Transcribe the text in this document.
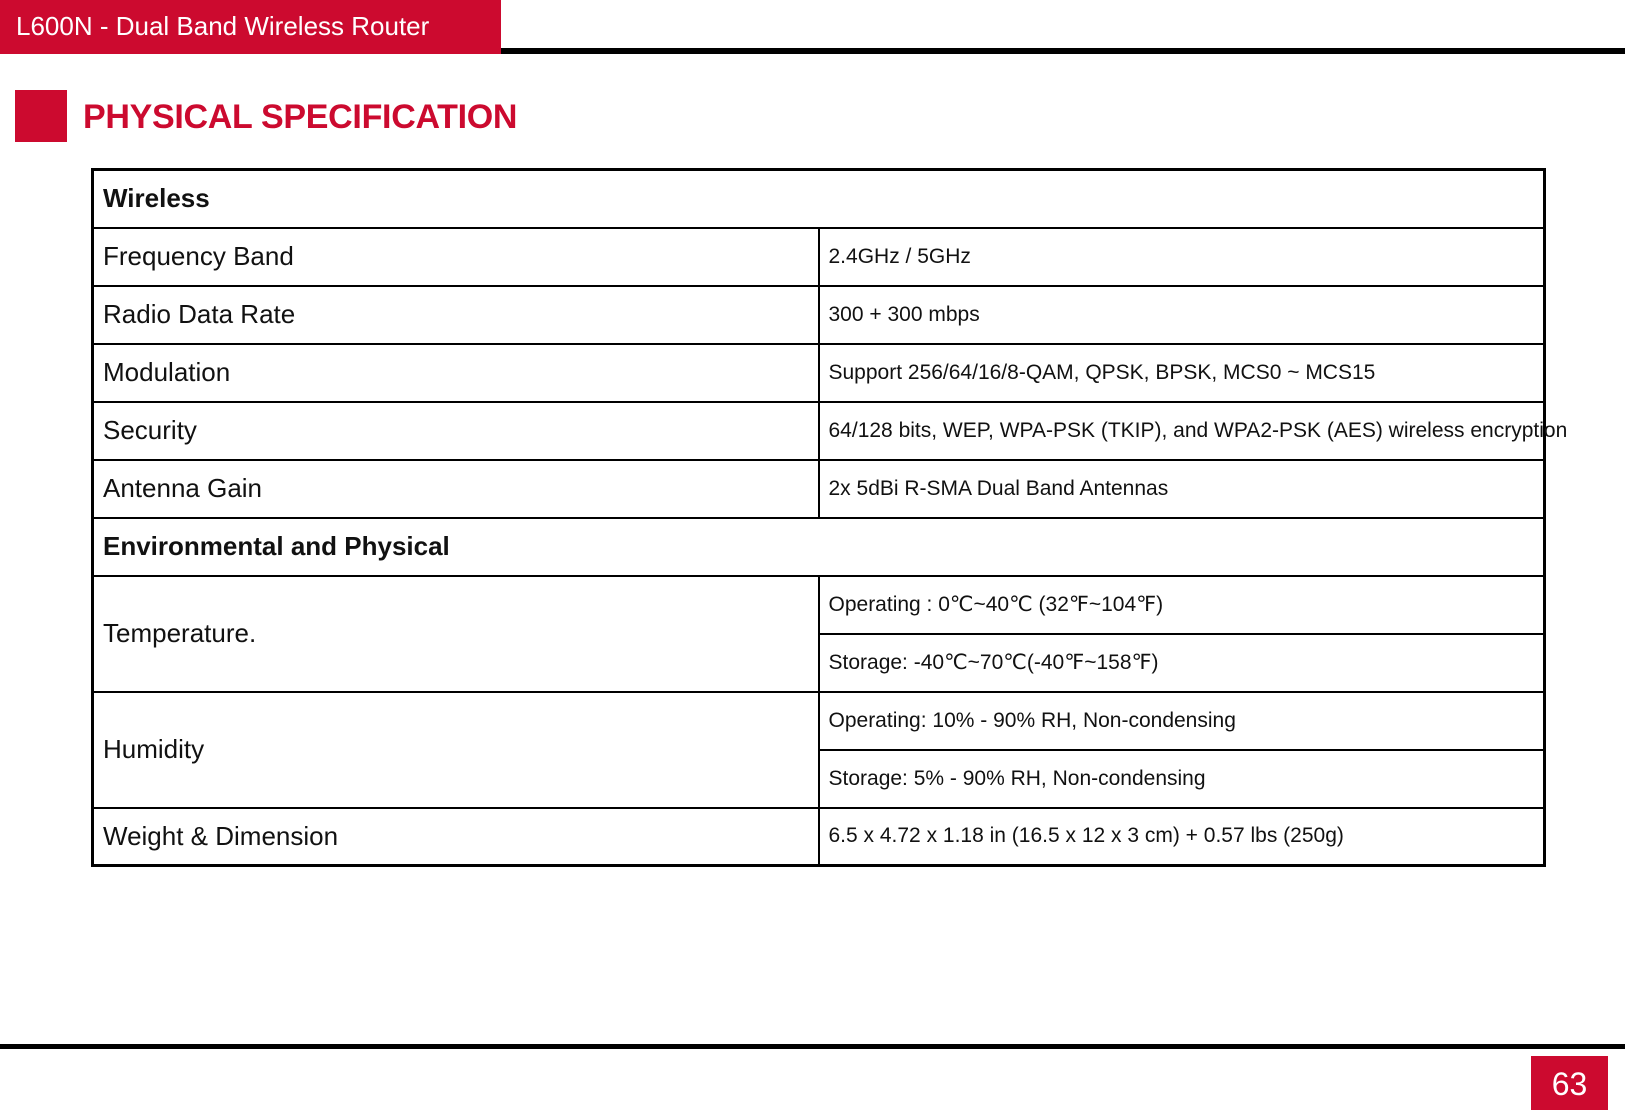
L600N - Dual Band Wireless Router
PHYSICAL SPECIFICATION
Wireless	
Frequency Band	2.4GHz / 5GHz
Radio Data Rate	300 + 300 mbps
Modulation	Support 256/64/16/8-QAM, QPSK, BPSK, MCS0 ~ MCS15
Security	64/128 bits, WEP, WPA-PSK (TKIP), and WPA2-PSK (AES) wireless encryption
Antenna Gain	2x 5dBi R-SMA Dual Band Antennas
Environmental and Physical	
Temperature.	Operating : 0℃~40℃ (32℉~104℉)
	Storage: -40℃~70℃(-40℉~158℉)
Humidity	Operating: 10% - 90% RH, Non-condensing
	Storage: 5% - 90% RH, Non-condensing
Weight & Dimension	6.5 x 4.72 x 1.18 in (16.5 x 12 x 3 cm) + 0.57 lbs (250g)
63
